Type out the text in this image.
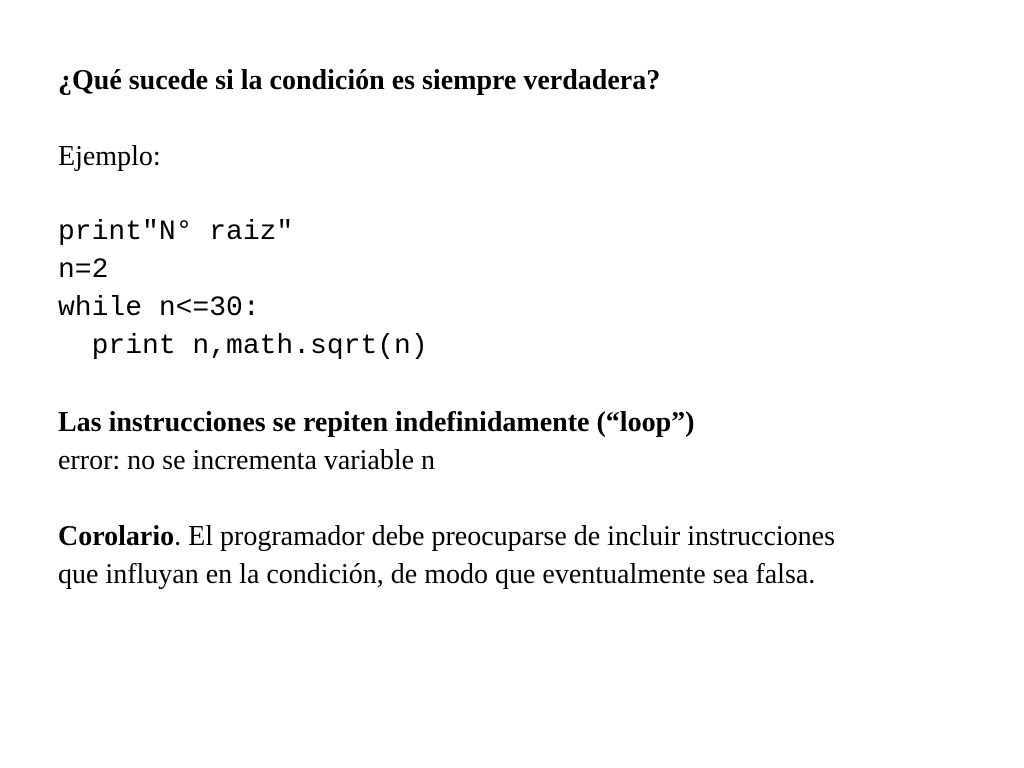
¿Qué sucede si la condición es siempre verdadera?
Ejemplo:
print"N° raiz"
n=2
while n<=30:
print n,math.sqrt(n)
Las instrucciones se repiten indefinidamente (“loop”)
error: no se incrementa variable n
Corolario. El programador debe preocuparse de incluir instrucciones
que influyan en la condición, de modo que eventualmente sea falsa.
